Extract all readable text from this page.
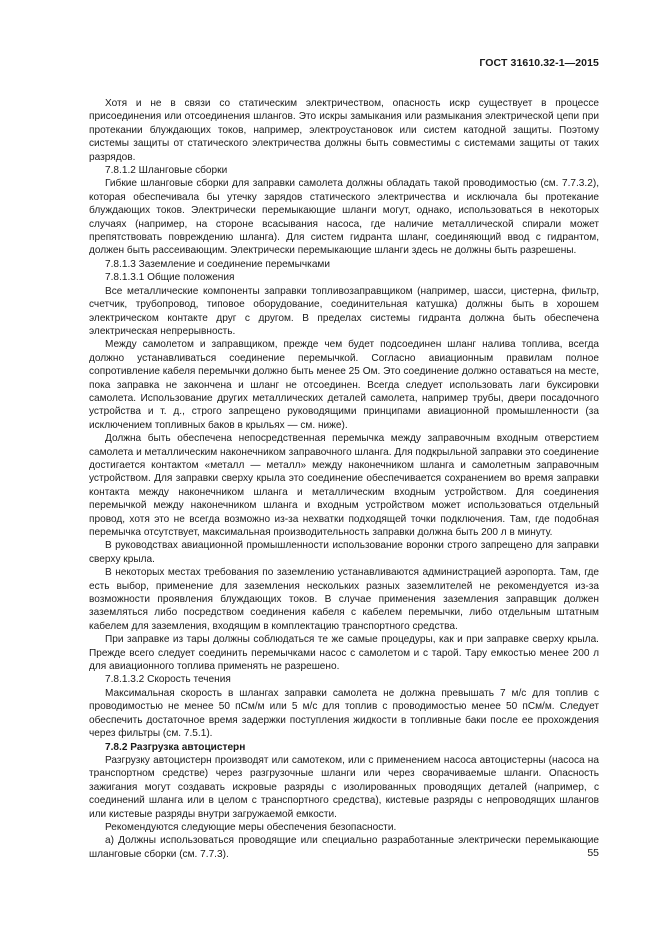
ГОСТ 31610.32-1—2015

Хотя и не в связи со статическим электричеством, опасность искр существует в процессе присоединения или отсоединения шлангов. Это искры замыкания или размыкания электрической цепи при протекании блуждающих токов, например, электроустановок или систем катодной защиты. Поэтому системы защиты от статического электричества должны быть совместимы с системами защиты от таких разрядов.

7.8.1.2 Шланговые сборки

Гибкие шланговые сборки для заправки самолета должны обладать такой проводимостью (см. 7.7.3.2), которая обеспечивала бы утечку зарядов статического электричества и исключала бы протекание блуждающих токов. Электрически перемыкающие шланги могут, однако, использоваться в некоторых случаях (например, на стороне всасывания насоса, где наличие металлической спирали может препятствовать повреждению шланга). Для систем гидранта шланг, соединяющий ввод с гидрантом, должен быть рассеивающим. Электрически перемыкающие шланги здесь не должны быть разрешены.

7.8.1.3 Заземление и соединение перемычками

7.8.1.3.1 Общие положения

Все металлические компоненты заправки топливозаправщиком (например, шасси, цистерна, фильтр, счетчик, трубопровод, типовое оборудование, соединительная катушка) должны быть в хорошем электрическом контакте друг с другом. В пределах системы гидранта должна быть обеспечена электрическая непрерывность.

Между самолетом и заправщиком, прежде чем будет подсоединен шланг налива топлива, всегда должно устанавливаться соединение перемычкой. Согласно авиационным правилам полное сопротивление кабеля перемычки должно быть менее 25 Ом. Это соединение должно оставаться на месте, пока заправка не закончена и шланг не отсоединен. Всегда следует использовать лаги буксировки самолета. Использование других металлических деталей самолета, например трубы, двери посадочного устройства и т. д., строго запрещено руководящими принципами авиационной промышленности (за исключением топливных баков в крыльях — см. ниже).

Должна быть обеспечена непосредственная перемычка между заправочным входным отверстием самолета и металлическим наконечником заправочного шланга. Для подкрыльной заправки это соединение достигается контактом «металл — металл» между наконечником шланга и самолетным заправочным устройством. Для заправки сверху крыла это соединение обеспечивается сохранением во время заправки контакта между наконечником шланга и металлическим входным устройством. Для соединения перемычкой между наконечником шланга и входным устройством может использоваться отдельный провод, хотя это не всегда возможно из-за нехватки подходящей точки подключения. Там, где подобная перемычка отсутствует, максимальная производительность заправки должна быть 200 л в минуту.

В руководствах авиационной промышленности использование воронки строго запрещено для заправки сверху крыла.

В некоторых местах требования по заземлению устанавливаются администрацией аэропорта. Там, где есть выбор, применение для заземления нескольких разных заземлителей не рекомендуется из-за возможности проявления блуждающих токов. В случае применения заземления заправщик должен заземляться либо посредством соединения кабеля с кабелем перемычки, либо отдельным штатным кабелем для заземления, входящим в комплектацию транспортного средства.

При заправке из тары должны соблюдаться те же самые процедуры, как и при заправке сверху крыла. Прежде всего следует соединить перемычками насос с самолетом и с тарой. Тару емкостью менее 200 л для авиационного топлива применять не разрешено.

7.8.1.3.2 Скорость течения

Максимальная скорость в шлангах заправки самолета не должна превышать 7 м/с для топлив с проводимостью не менее 50 пСм/м или 5 м/с для топлив с проводимостью менее 50 пСм/м. Следует обеспечить достаточное время задержки поступления жидкости в топливные баки после ее прохождения через фильтры (см. 7.5.1).

7.8.2 Разгрузка автоцистерн

Разгрузку автоцистерн производят или самотеком, или с применением насоса автоцистерны (насоса на транспортном средстве) через разгрузочные шланги или через сворачиваемые шланги. Опасность зажигания могут создавать искровые разряды с изолированных проводящих деталей (например, с соединений шланга или в целом с транспортного средства), кистевые разряды с непроводящих шлангов или кистевые разряды внутри загружаемой емкости.

Рекомендуются следующие меры обеспечения безопасности.

а) Должны использоваться проводящие или специально разработанные электрически перемыкающие шланговые сборки (см. 7.7.3).	55
